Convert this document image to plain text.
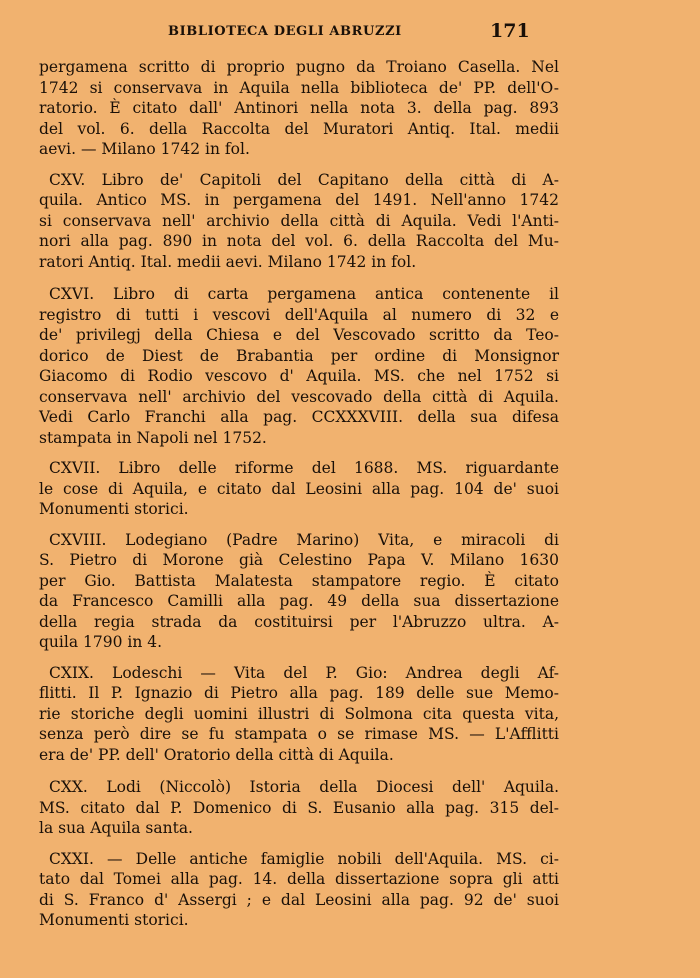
BIBLIOTECA DEGLI ABRUZZI	171
pergamena scritto di proprio pugno da Troiano Casella. Nel
1742 si conservava in Aquila nella biblioteca de' PP. dell'O-
ratorio. È citato dall' Antinori nella nota 3. della pag. 893
del vol. 6. della Raccolta del Muratori Antiq. Ital. medii
aevi. — Milano 1742 in fol.
CXV. Libro de' Capitoli del Capitano della città di A-
quila. Antico MS. in pergamena del 1491. Nell'anno 1742
si conservava nell' archivio della città di Aquila. Vedi l'Anti-
nori alla pag. 890 in nota del vol. 6. della Raccolta del Mu-
ratori Antiq. Ital. medii aevi. Milano 1742 in fol.
CXVI. Libro di carta pergamena antica contenente il
registro di tutti i vescovi dell'Aquila al numero di 32 e
de' privilegj della Chiesa e del Vescovado scritto da Teo-
dorico de Diest de Brabantia per ordine di Monsignor
Giacomo di Rodio vescovo d' Aquila. MS. che nel 1752 si
conservava nell' archivio del vescovado della città di Aquila.
Vedi Carlo Franchi alla pag. CCXXXVIII. della sua difesa
stampata in Napoli nel 1752.
CXVII. Libro delle riforme del 1688. MS. riguardante
le cose di Aquila, e citato dal Leosini alla pag. 104 de' suoi
Monumenti storici.
CXVIII. Lodegiano (Padre Marino) Vita, e miracoli di
S. Pietro di Morone già Celestino Papa V. Milano 1630
per Gio. Battista Malatesta stampatore regio. È citato
da Francesco Camilli alla pag. 49 della sua dissertazione
della regia strada da costituirsi per l'Abruzzo ultra. A-
quila 1790 in 4.
CXIX. Lodeschi — Vita del P. Gio: Andrea degli Af-
flitti. Il P. Ignazio di Pietro alla pag. 189 delle sue Memo-
rie storiche degli uomini illustri di Solmona cita questa vita,
senza però dire se fu stampata o se rimase MS. — L'Afflitti
era de' PP. dell' Oratorio della città di Aquila.
CXX. Lodi (Niccolò) Istoria della Diocesi dell' Aquila.
MS. citato dal P. Domenico di S. Eusanio alla pag. 315 del-
la sua Aquila santa.
CXXI. — Delle antiche famiglie nobili dell'Aquila. MS. ci-
tato dal Tomei alla pag. 14. della dissertazione sopra gli atti
di S. Franco d' Assergi ; e dal Leosini alla pag. 92 de' suoi
Monumenti storici.
